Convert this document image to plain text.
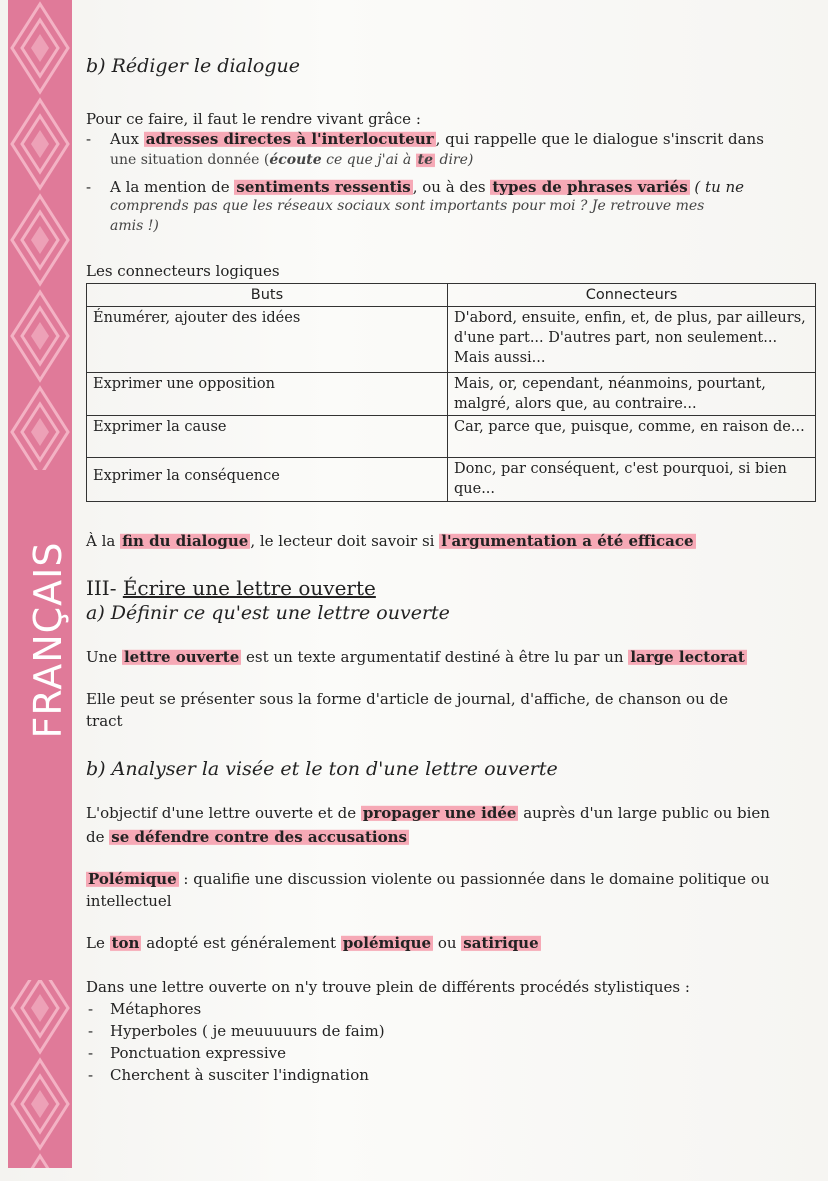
FRANÇAIS
b) Rédiger le dialogue
Pour ce faire, il faut le rendre vivant grâce :
- Aux adresses directes à l'interlocuteur , qui rappelle que le dialogue s'inscrit dans
une situation donnée (écoute ce que j'ai à te dire)
- A la mention de sentiments ressentis , ou à des types de phrases variés ( tu ne
comprends pas que les réseaux sociaux sont importants pour moi ? Je retrouve mes
amis !)
Les connecteurs logiques
Buts	Connecteurs
Énumérer, ajouter des idées	D'abord, ensuite, enfin, et, de plus, par ailleurs, d'une part... D'autres part, non seulement... Mais aussi...
Exprimer une opposition	Mais, or, cependant, néanmoins, pourtant, malgré, alors que, au contraire...
Exprimer la cause	Car, parce que, puisque, comme, en raison de...
Exprimer la conséquence	Donc, par conséquent, c'est pourquoi, si bien que...
À la fin du dialogue , le lecteur doit savoir si l'argumentation a été efficace
III- Écrire une lettre ouverte
a) Définir ce qu'est une lettre ouverte
Une lettre ouverte est un texte argumentatif destiné à être lu par un large lectorat
Elle peut se présenter sous la forme d'article de journal, d'affiche, de chanson ou de
tract
b) Analyser la visée et le ton d'une lettre ouverte
L'objectif d'une lettre ouverte et de propager une idée auprès d'un large public ou bien
de se défendre contre des accusations
Polémique : qualifie une discussion violente ou passionnée dans le domaine politique ou
intellectuel
Le ton adopté est généralement polémique ou satirique
Dans une lettre ouverte on n'y trouve plein de différents procédés stylistiques :
- Métaphores
- Hyperboles ( je meuuuuurs de faim)
- Ponctuation expressive
- Cherchent à susciter l'indignation
